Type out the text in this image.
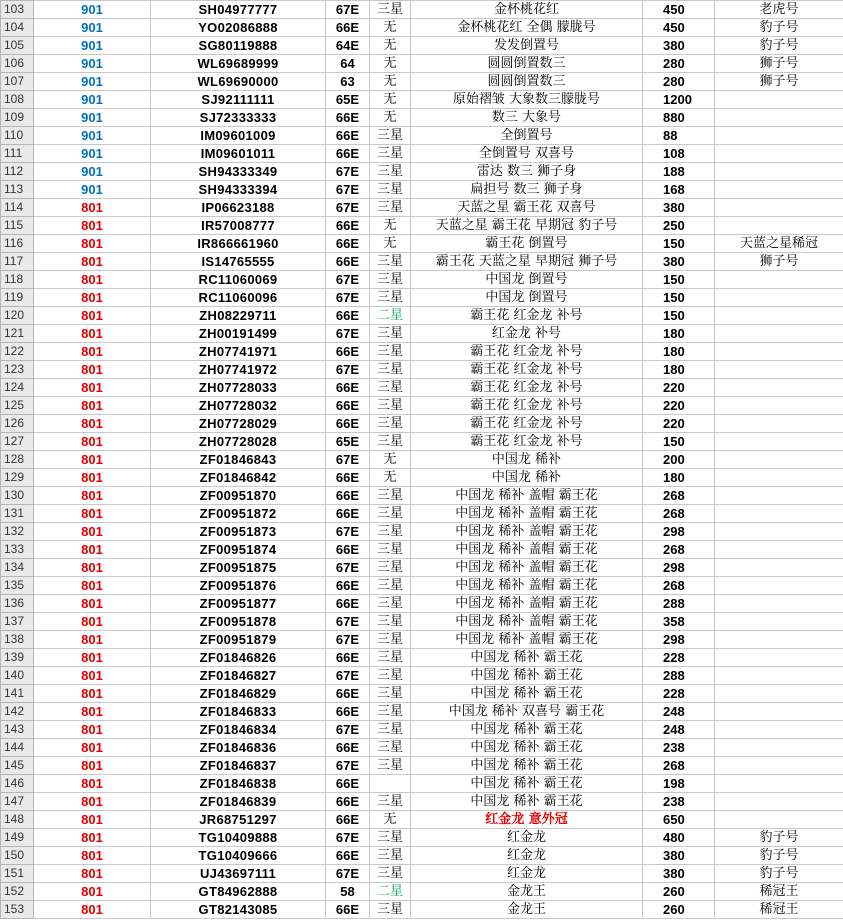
103	901	SH04977777	67E	三星	金杯桃花红	450	老虎号
104	901	YO02086888	66E	无	金杯桃花红 全偶 朦胧号	450	豹子号
105	901	SG80119888	64E	无	发发倒置号	380	豹子号
106	901	WL69689999	64	无	圆圆倒置数三	280	狮子号
107	901	WL69690000	63	无	圆圆倒置数三	280	狮子号
108	901	SJ92111111	65E	无	原始褶皱 大象数三朦胧号	1200	
109	901	SJ72333333	66E	无	数三 大象号	880	
110	901	IM09601009	66E	三星	全倒置号	88	
111	901	IM09601011	66E	三星	全倒置号 双喜号	108	
112	901	SH94333349	67E	三星	雷达 数三 狮子身	188	
113	901	SH94333394	67E	三星	扁担号 数三 狮子身	168	
114	801	IP06623188	67E	三星	天蓝之星 霸王花 双喜号	380	
115	801	IR57008777	66E	无	天蓝之星 霸王花 早期冠 豹子号	250	
116	801	IR866661960	66E	无	霸王花 倒置号	150	天蓝之星稀冠
117	801	IS14765555	66E	三星	霸王花 天蓝之星 早期冠 狮子号	380	狮子号
118	801	RC11060069	67E	三星	中国龙 倒置号	150	
119	801	RC11060096	67E	三星	中国龙 倒置号	150	
120	801	ZH08229711	66E	二星	霸王花 红金龙 补号	150	
121	801	ZH00191499	67E	三星	红金龙 补号	180	
122	801	ZH07741971	66E	三星	霸王花 红金龙 补号	180	
123	801	ZH07741972	67E	三星	霸王花 红金龙 补号	180	
124	801	ZH07728033	66E	三星	霸王花 红金龙 补号	220	
125	801	ZH07728032	66E	三星	霸王花 红金龙 补号	220	
126	801	ZH07728029	66E	三星	霸王花 红金龙 补号	220	
127	801	ZH07728028	65E	三星	霸王花 红金龙 补号	150	
128	801	ZF01846843	67E	无	中国龙 稀补	200	
129	801	ZF01846842	66E	无	中国龙 稀补	180	
130	801	ZF00951870	66E	三星	中国龙 稀补 盖帽 霸王花	268	
131	801	ZF00951872	66E	三星	中国龙 稀补 盖帽 霸王花	268	
132	801	ZF00951873	67E	三星	中国龙 稀补 盖帽 霸王花	298	
133	801	ZF00951874	66E	三星	中国龙 稀补 盖帽 霸王花	268	
134	801	ZF00951875	67E	三星	中国龙 稀补 盖帽 霸王花	298	
135	801	ZF00951876	66E	三星	中国龙 稀补 盖帽 霸王花	268	
136	801	ZF00951877	66E	三星	中国龙 稀补 盖帽 霸王花	288	
137	801	ZF00951878	67E	三星	中国龙 稀补 盖帽 霸王花	358	
138	801	ZF00951879	67E	三星	中国龙 稀补 盖帽 霸王花	298	
139	801	ZF01846826	66E	三星	中国龙 稀补 霸王花	228	
140	801	ZF01846827	67E	三星	中国龙 稀补 霸王花	288	
141	801	ZF01846829	66E	三星	中国龙 稀补 霸王花	228	
142	801	ZF01846833	66E	三星	中国龙 稀补 双喜号 霸王花	248	
143	801	ZF01846834	67E	三星	中国龙 稀补 霸王花	248	
144	801	ZF01846836	66E	三星	中国龙 稀补 霸王花	238	
145	801	ZF01846837	67E	三星	中国龙 稀补 霸王花	268	
146	801	ZF01846838	66E		中国龙 稀补 霸王花	198	
147	801	ZF01846839	66E	三星	中国龙 稀补 霸王花	238	
148	801	JR68751297	66E	无	红金龙 意外冠	650	
149	801	TG10409888	67E	三星	红金龙	480	豹子号
150	801	TG10409666	66E	三星	红金龙	380	豹子号
151	801	UJ43697111	67E	三星	红金龙	380	豹子号
152	801	GT84962888	58	二星	金龙王	260	稀冠王
153	801	GT82143085	66E	三星	金龙王	260	稀冠王
